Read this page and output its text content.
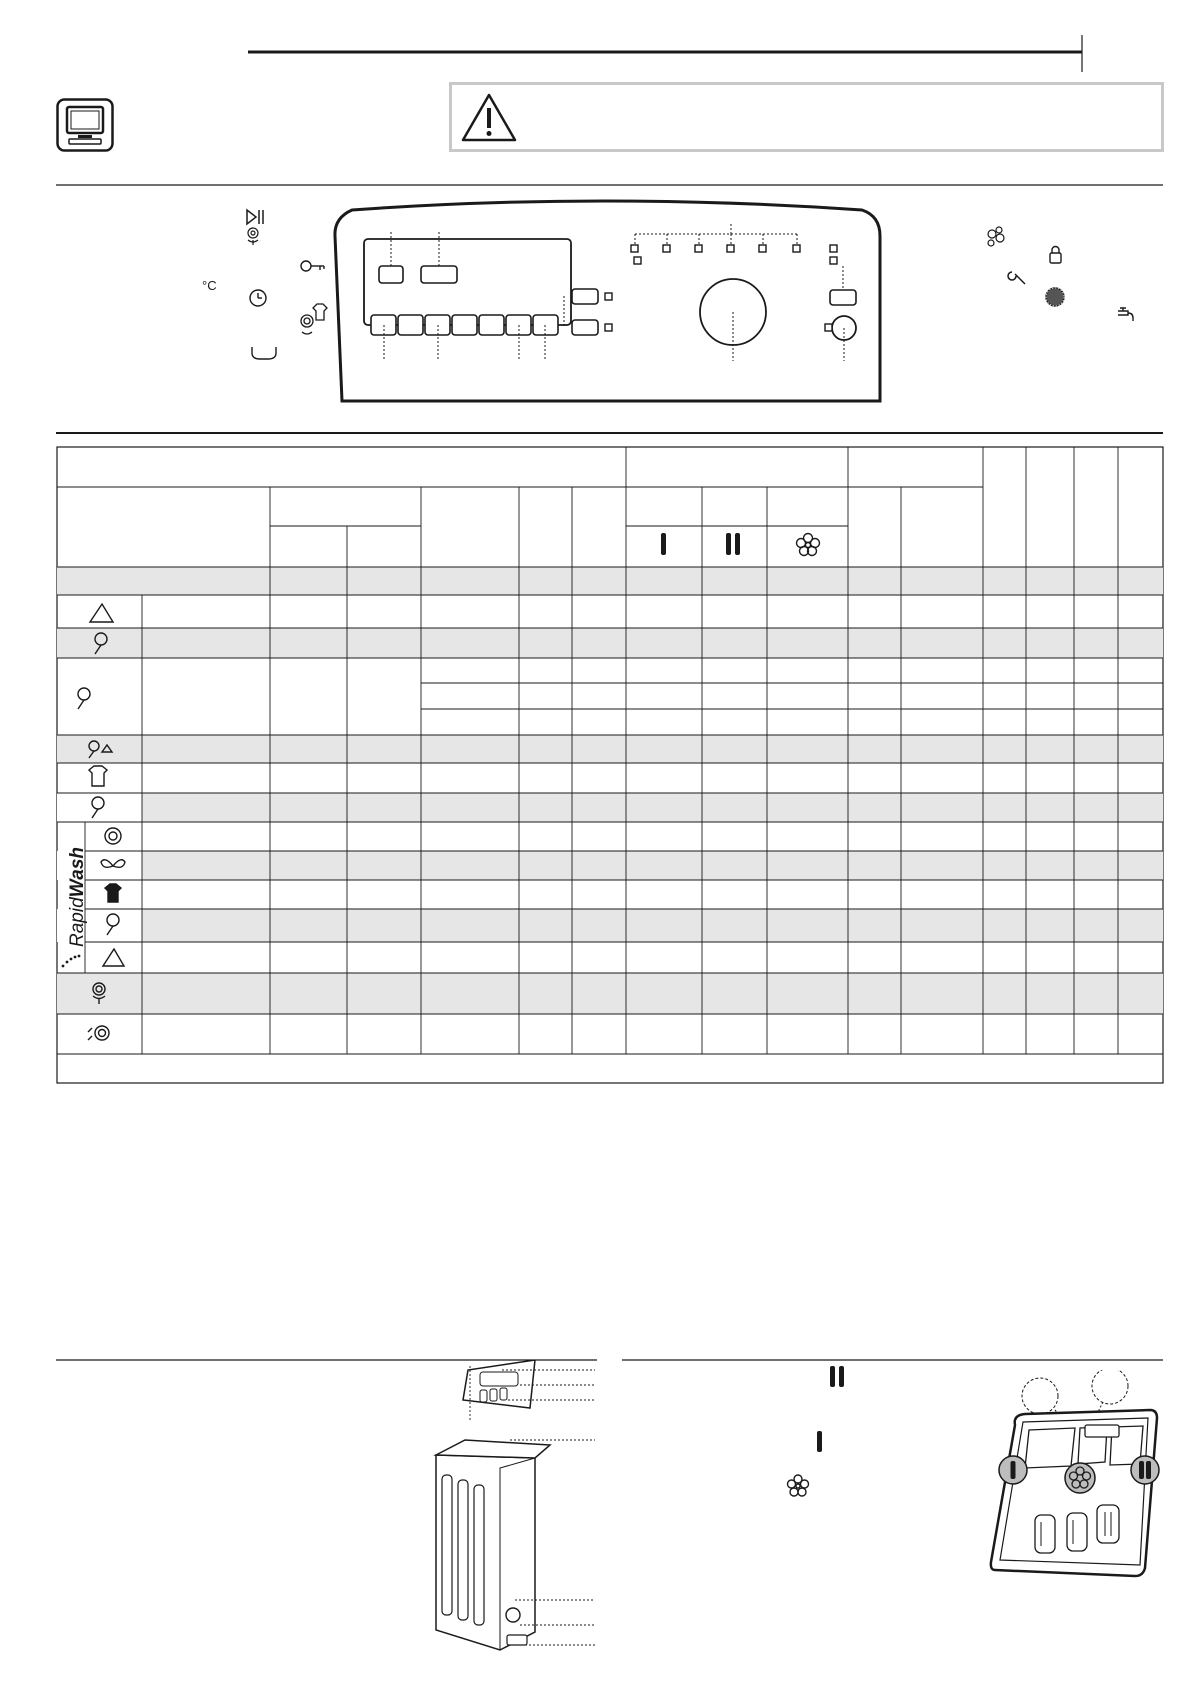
°C
RapidWash
